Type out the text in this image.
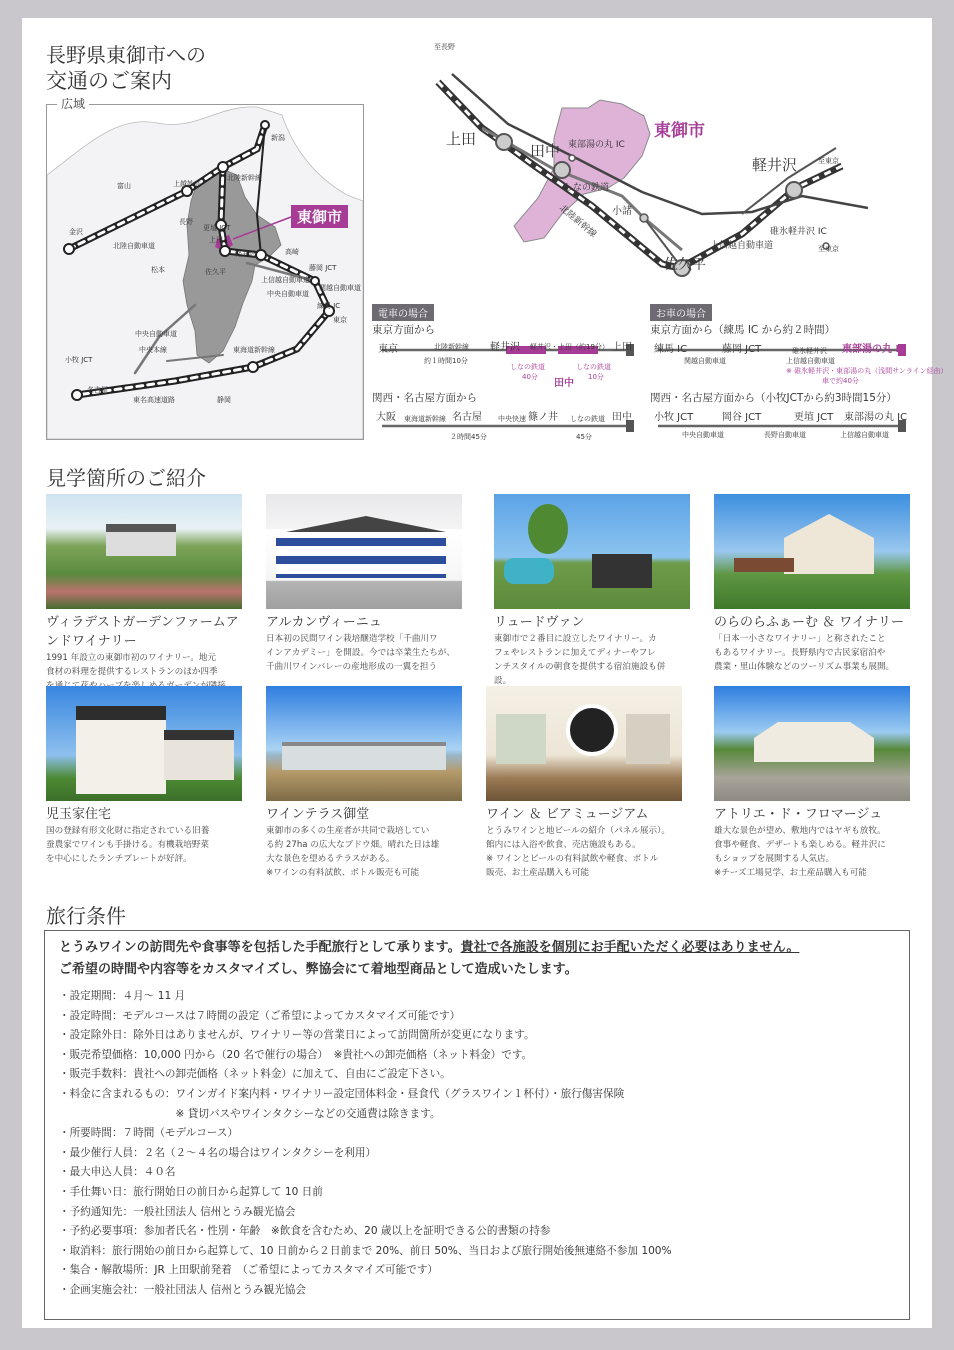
長野県東御市への
交通のご案内
広域
東御市
新潟
上越妙高
富山
金沢
北陸自動車道
長野
更埴 JCT
上田
軽井沢
佐久平
松本
高崎
藤岡 JCT
上信越自動車道
関越自動車道
中央自動車道
練馬 IC
東京
中央自動車道
中央本線
小牧 JCT
名古屋
東名高速道路	静岡
東海道新幹線
北陸新幹線
至長野
上田
田中 東部湯の丸 IC
東御市
しなの鉄道
小諸
北陸新幹線
軽井沢	至東京
碓氷軽井沢 IC
上信越自動車道	至東京
佐久平
電車の場合
東京方面から
東京	軽井沢	上田
北陸新幹線
約１時間10分
軽井沢・上田（約19分）
しなの鉄道
40分
しなの鉄道
10分
田中
関西・名古屋方面から
大阪	名古屋	篠ノ井	田中
東海道新幹線	中央快速	しなの鉄道
２時間45分	45分
お車の場合
東京方面から（練馬 IC から約２時間）
練馬 IC	藤岡 JCT	東部湯の丸 IC
関越自動車道	上信越自動車道
碓氷軽井沢
※ 碓氷軽井沢・東部湯の丸（浅間サンライン経由）
車で約40分
関西・名古屋方面から（小牧JCTから約3時間15分）
小牧 JCT	岡谷 JCT	更埴 JCT 東部湯の丸 IC
中央自動車道	長野自動車道	上信越自動車道
見学箇所のご紹介
ヴィラデストガーデンファームアンドワイナリー
1991 年設立の東御市初のワイナリー。地元
食材の料理を提供するレストランのほか四季
アルカンヴィーニュ
日本初の民間ワイン栽培醸造学校「千曲川ワ
インアカデミー」を開設。今では卒業生たちが、
千曲川ワインバレーの産地形成の一翼を担う
リュードヴァン
東御市で２番目に設立したワイナリー。カ
フェやレストランに加えてディナーやフレ
ンチスタイルの朝食を提供する宿泊施設も併
設。
のらのらふぁーむ ＆ ワイナリー
「日本一小さなワイナリー」と称されたこと
もあるワイナリー。長野県内で古民家宿泊や
農業・里山体験などのツーリズム事業も展開。
児玉家住宅
国の登録有形文化財に指定されている旧養
蚕農家でワインも手掛ける。有機栽培野菜
を中心にしたランチプレートが好評。
ワインテラス御堂
東御市の多くの生産者が共同で栽培してい
る約 27ha の広大なブドウ畑。晴れた日は雄
大な景色を望めるテラスがある。
※ワインの有料試飲、ボトル販売も可能
ワイン ＆ ビアミュージアム
とうみワインと地ビールの紹介（パネル展示）。
館内には入浴や飲食、売店施設もある。
※ ワインとビールの有料試飲や軽食、ボトル
販売、お土産品購入も可能
アトリエ・ド・フロマージュ
雄大な景色が望め、敷地内ではヤギも放牧。
食事や軽食、デザートも楽しめる。軽井沢に
もショップを展開する人気店。
※チーズ工場見学、お土産品購入も可能
旅行条件
とうみワインの訪問先や食事等を包括した手配旅行として承ります。貴社で各施設を個別にお手配いただく必要はありません。
ご希望の時間や内容等をカスタマイズし、弊協会にて着地型商品として造成いたします。
・設定期間：４月～ 11 月
・設定時間：モデルコースは７時間の設定（ご希望によってカスタマイズ可能です）
・設定除外日：除外日はありませんが、ワイナリー等の営業日によって訪問箇所が変更になります。
・販売希望価格：10,000 円から（20 名で催行の場合）　※貴社への卸売価格（ネット料金）です。
・販売手数料：貴社への卸売価格（ネット料金）に加えて、自由にご設定下さい。
・料金に含まれるもの：ワインガイド案内料・ワイナリー設定団体料金・昼食代（グラスワイン１杯付）・旅行傷害保険
　　　　　　　　　　　※ 貸切バスやワインタクシーなどの交通費は除きます。
・所要時間：７時間（モデルコース）
・最少催行人員：２名（２～４名の場合はワインタクシーを利用）
・最大申込人員：４０名
・手仕舞い日：旅行開始日の前日から起算して 10 日前
・予約通知先：一般社団法人 信州とうみ観光協会
・予約必要事項：参加者氏名・性別・年齢　※飲食を含むため、20 歳以上を証明できる公的書類の持参
・取消料：旅行開始の前日から起算して、10 日前から２日前まで 20%、前日 50%、当日および旅行開始後無連絡不参加 100%
・集合・解散場所：JR 上田駅前発着　（ご希望によってカスタマイズ可能です）
・企画実施会社：一般社団法人 信州とうみ観光協会
